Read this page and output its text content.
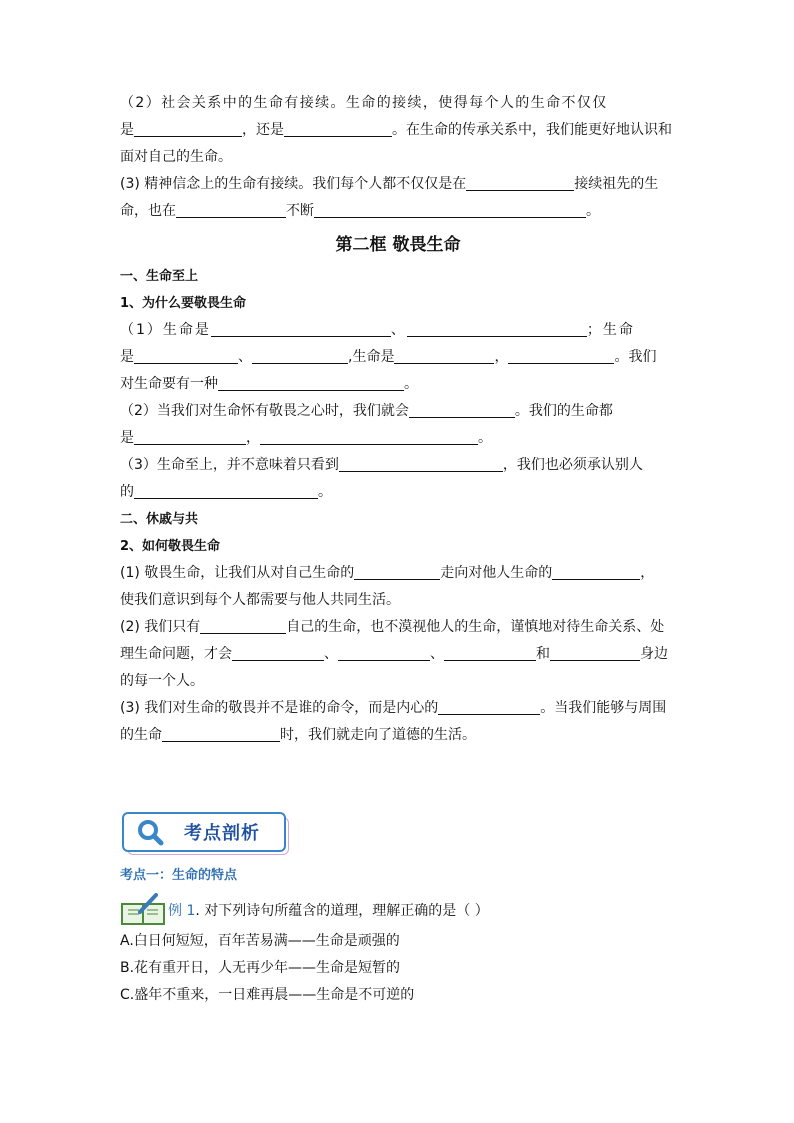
（2）社会关系中的生命有接续。生命的接续，使得每个人的生命不仅仅

是	，还是	。在生命的传承关系中，我们能更好地认识和

面对自己的生命。

(3) 精神信念上的生命有接续。我们每个人都不仅仅是在	接续祖先的生

命，也在	不断	。

第二框 敬畏生命
一、生命至上
1、为什么要敬畏生命

（1）生命是	、	；生命

是	、	,生命是	，	。我们

对生命要有一种	。

（2）当我们对生命怀有敬畏之心时，我们就会	。我们的生命都

是	，	。

（3）生命至上，并不意味着只看到	，我们也必须承认别人

的	。

二、休戚与共
2、如何敬畏生命

(1) 敬畏生命，让我们从对自己生命的	走向对他人生命的	，

使我们意识到每个人都需要与他人共同生活。

(2) 我们只有	自己的生命，也不漠视他人的生命，谨慎地对待生命关系、处

理生命问题，才会	、	、	和	身边

的每一个人。

(3) 我们对生命的敬畏并不是谁的命令，而是内心的	。当我们能够与周围

的生命	时，我们就走向了道德的生活。

考点剖析
考点一：生命的特点
例 1. 对下列诗句所蕴含的道理，理解正确的是（ ）
A.白日何短短，百年苦易满——生命是顽强的
B.花有重开日，人无再少年——生命是短暂的
C.盛年不重来，一日难再晨——生命是不可逆的
